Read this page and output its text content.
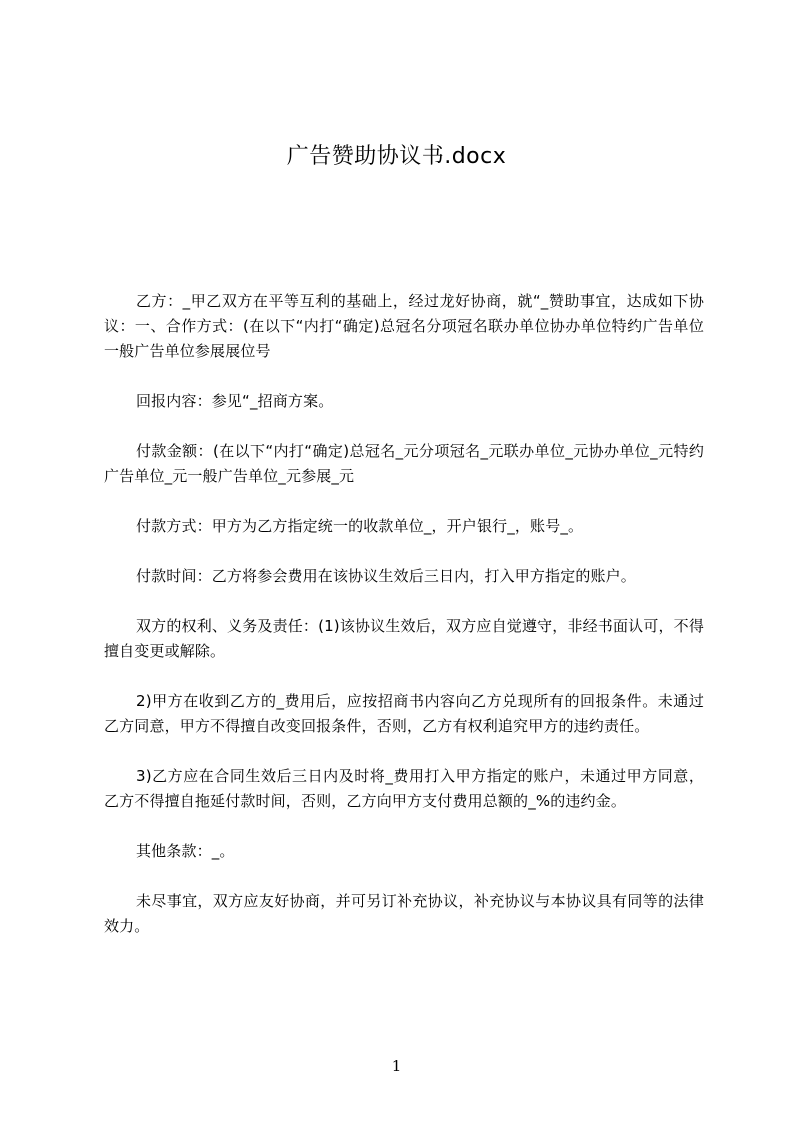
广告赞助协议书.docx

乙方：_甲乙双方在平等互利的基础上，经过龙好协商，就“_赞助事宜，达成如下协议：一、合作方式：(在以下“内打“确定)总冠名分项冠名联办单位协办单位特约广告单位一般广告单位参展展位号

回报内容：参见“_招商方案。

付款金额：(在以下“内打“确定)总冠名_元分项冠名_元联办单位_元协办单位_元特约广告单位_元一般广告单位_元参展_元

付款方式：甲方为乙方指定统一的收款单位_，开户银行_，账号_。

付款时间：乙方将参会费用在该协议生效后三日内，打入甲方指定的账户。

双方的权利、义务及责任：(1)该协议生效后，双方应自觉遵守，非经书面认可，不得擅自变更或解除。

2)甲方在收到乙方的_费用后，应按招商书内容向乙方兑现所有的回报条件。未通过乙方同意，甲方不得擅自改变回报条件，否则，乙方有权利追究甲方的违约责任。

3)乙方应在合同生效后三日内及时将_费用打入甲方指定的账户，未通过甲方同意，乙方不得擅自拖延付款时间，否则，乙方向甲方支付费用总额的_%的违约金。

其他条款：_。

未尽事宜，双方应友好协商，并可另订补充协议，补充协议与本协议具有同等的法律效力。

1
